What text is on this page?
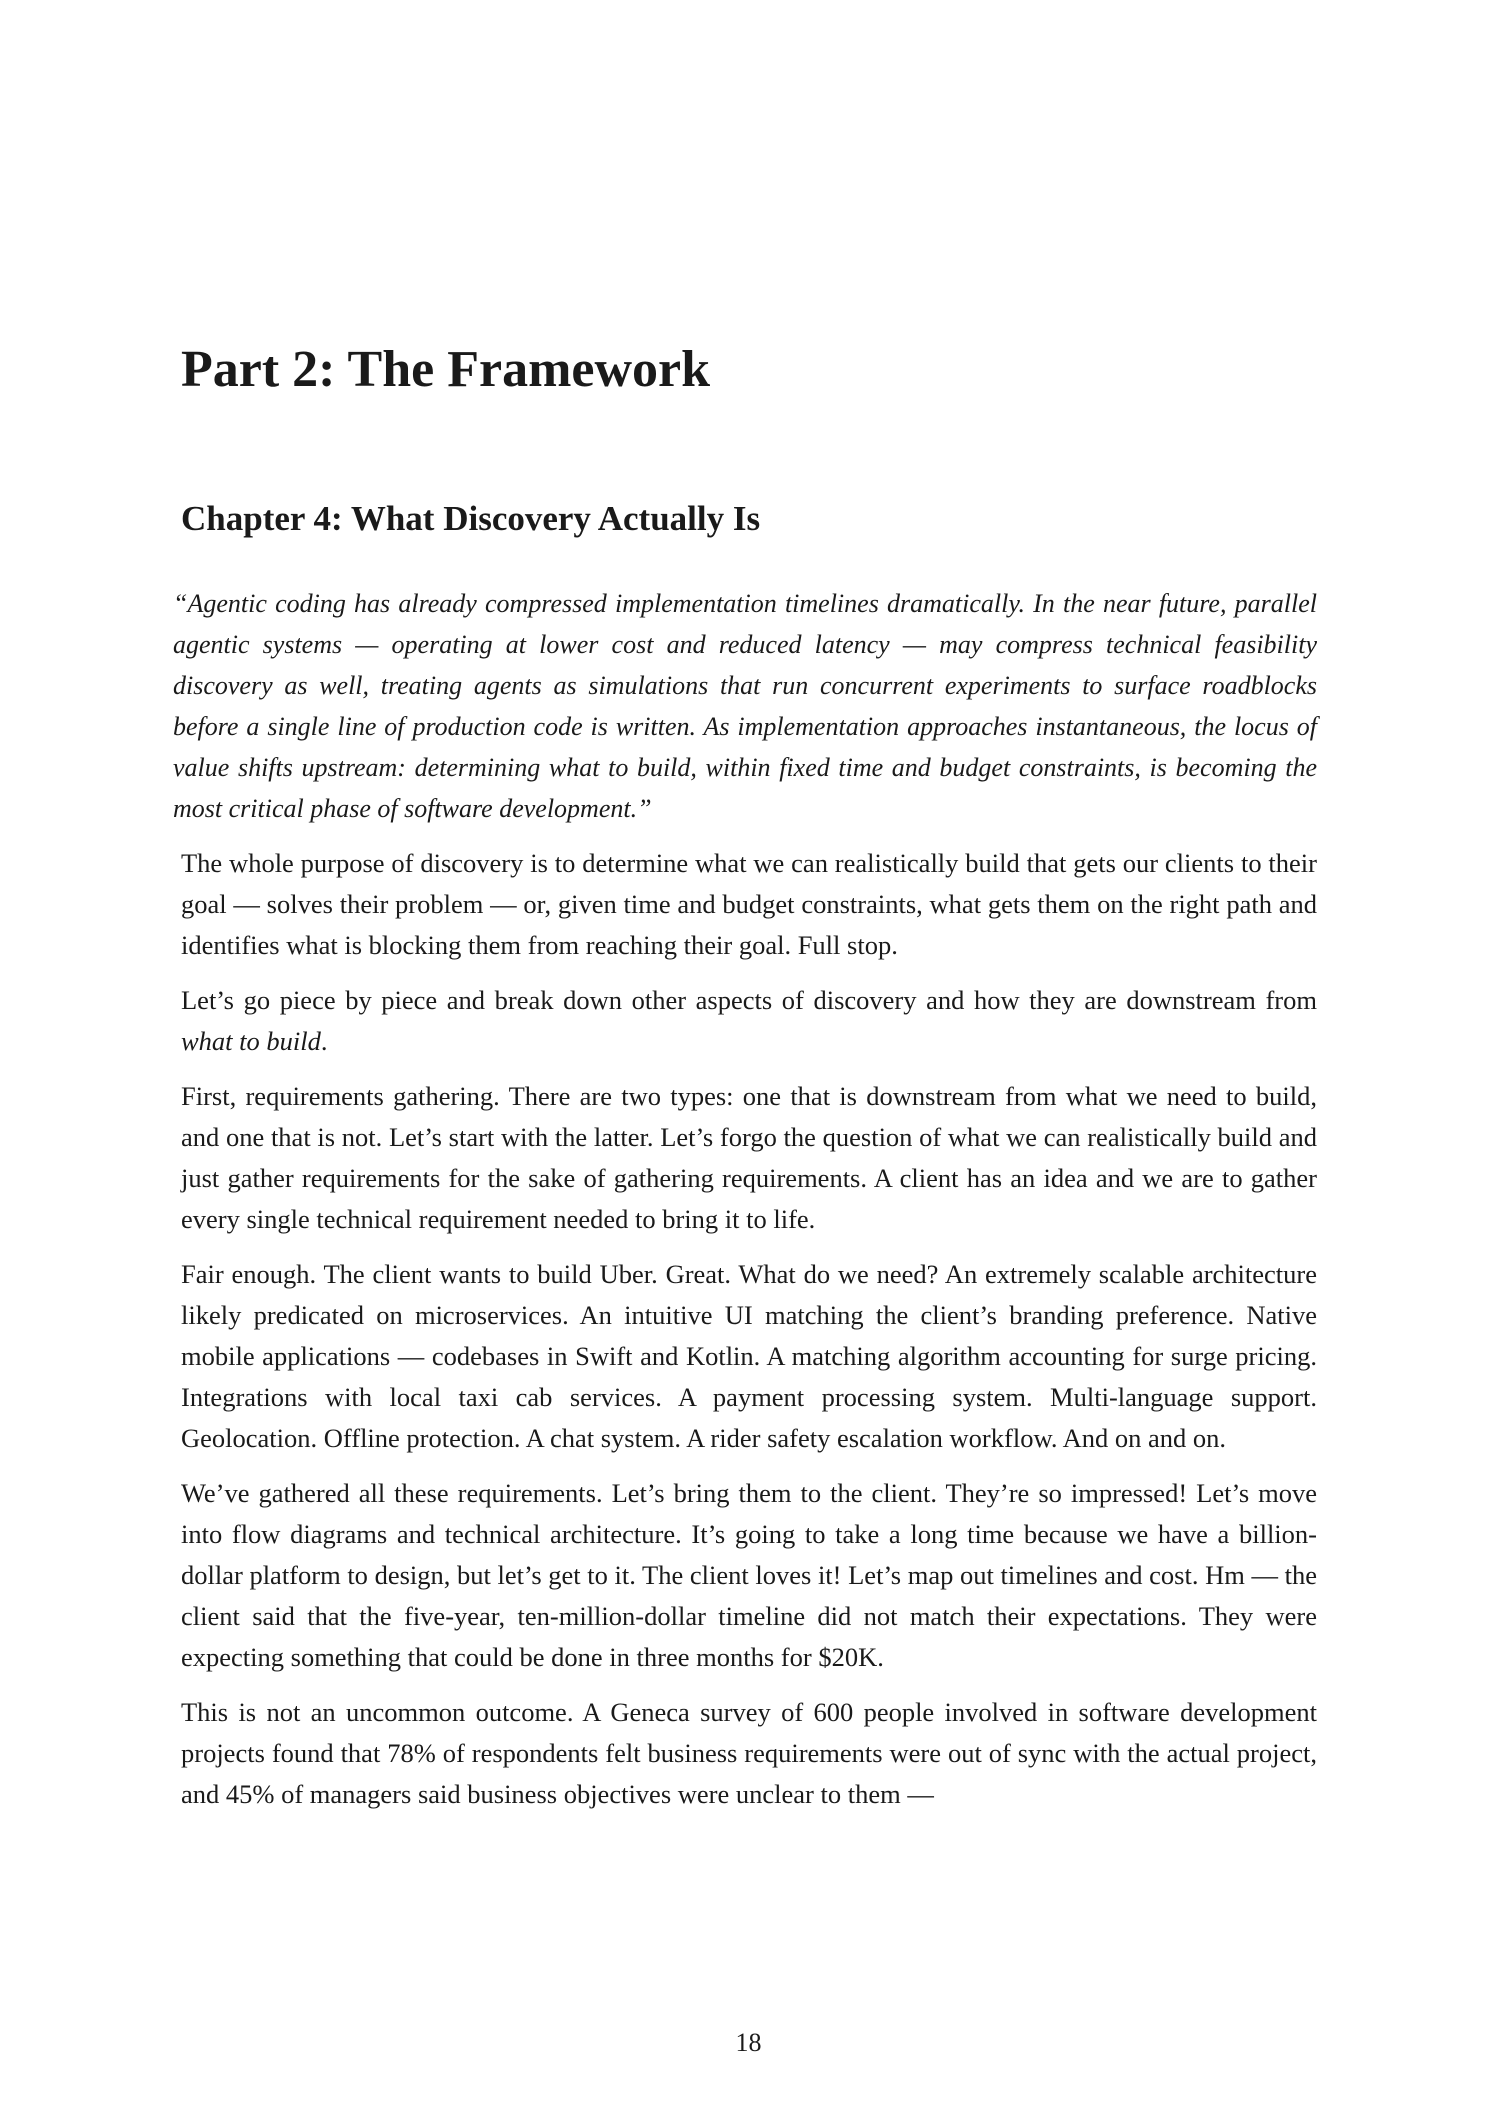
Part 2: The Framework
Chapter 4: What Discovery Actually Is

“Agentic coding has already compressed implementation timelines dramatically. In the near future, parallel agentic systems — operating at lower cost and reduced latency — may compress technical feasibility discovery as well, treating agents as simulations that run concurrent experiments to surface roadblocks before a single line of production code is written. As implementation approaches instantaneous, the locus of value shifts upstream: determining what to build, within fixed time and budget constraints, is becoming the most critical phase of software development.”

The whole purpose of discovery is to determine what we can realistically build that gets our clients to their goal — solves their problem — or, given time and budget constraints, what gets them on the right path and identifies what is blocking them from reaching their goal. Full stop.

Let’s go piece by piece and break down other aspects of discovery and how they are downstream from what to build.

First, requirements gathering. There are two types: one that is downstream from what we need to build, and one that is not. Let’s start with the latter. Let’s forgo the question of what we can realistically build and just gather requirements for the sake of gathering requirements. A client has an idea and we are to gather every single technical requirement needed to bring it to life.

Fair enough. The client wants to build Uber. Great. What do we need? An extremely scalable architecture likely predicated on microservices. An intuitive UI matching the client’s branding preference. Native mobile applications — codebases in Swift and Kotlin. A matching algorithm accounting for surge pricing. Integrations with local taxi cab services. A payment processing system. Multi-language support. Geolocation. Offline protection. A chat system. A rider safety escalation workflow. And on and on.

We’ve gathered all these requirements. Let’s bring them to the client. They’re so impressed! Let’s move into flow diagrams and technical architecture. It’s going to take a long time because we have a billion-dollar platform to design, but let’s get to it. The client loves it! Let’s map out timelines and cost. Hm — the client said that the five-year, ten-million-dollar timeline did not match their expectations. They were expecting something that could be done in three months for $20K.

This is not an uncommon outcome. A Geneca survey of 600 people involved in software development projects found that 78% of respondents felt business requirements were out of sync with the actual project, and 45% of managers said business objectives were unclear to them —

18
